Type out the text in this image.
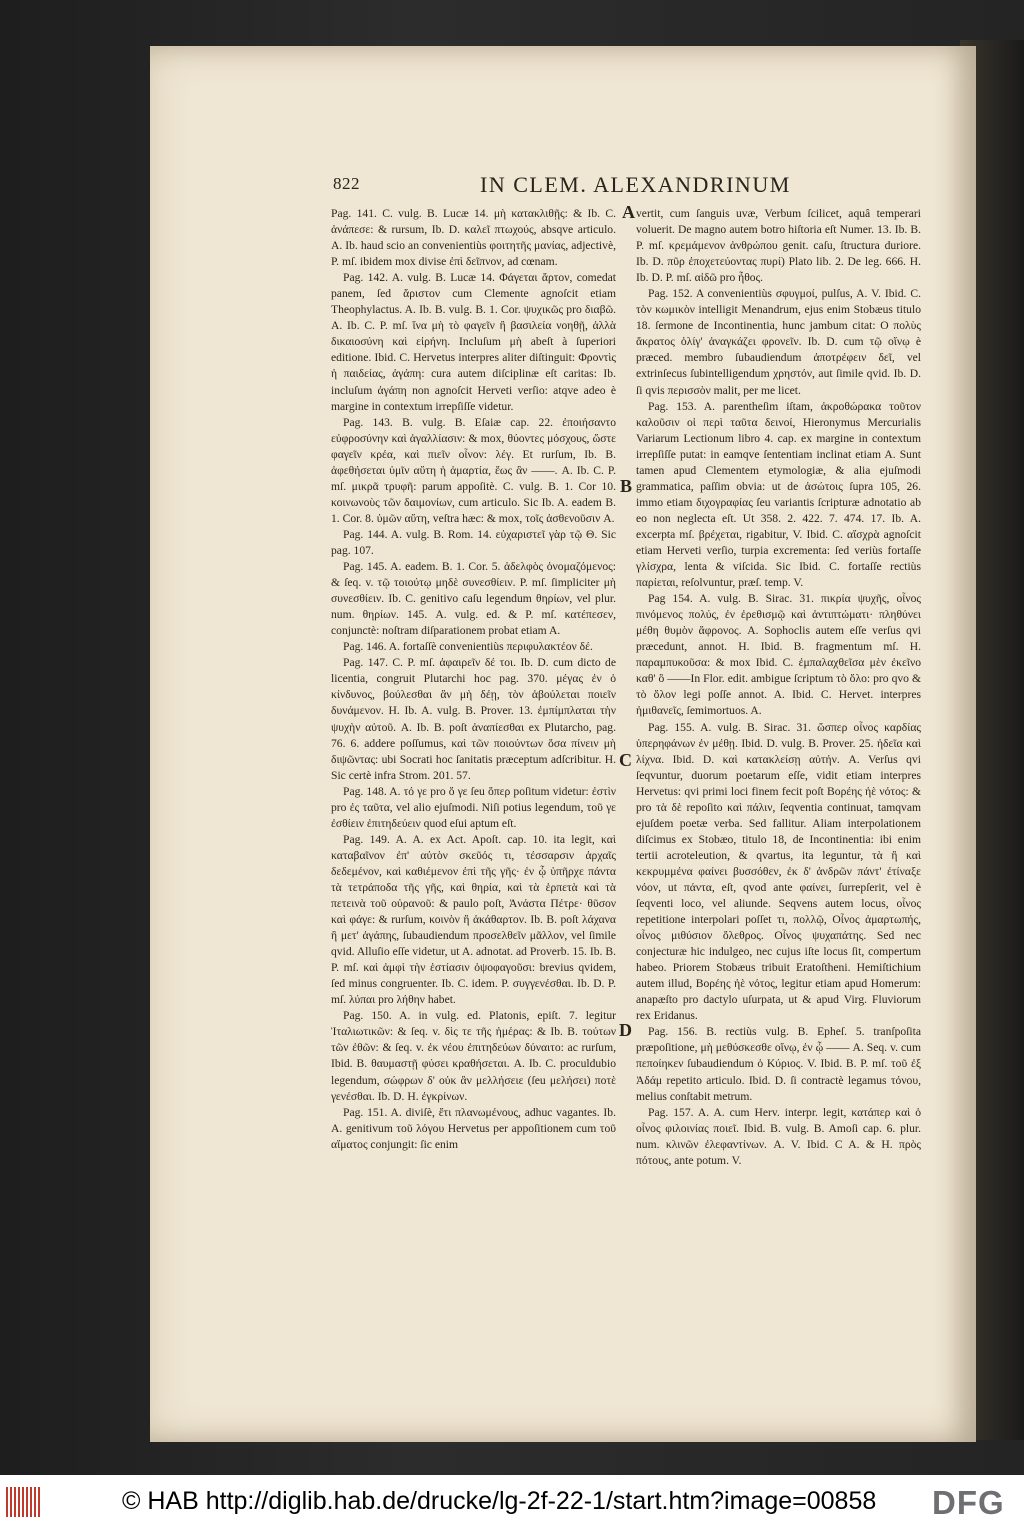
822	IN CLEM. ALEXANDRINUM

Pag. 141. C. vulg. B. Lucæ 14. μὴ κατακλιθῇς: & Ib. C. ἀνάπεσε: & rursum, Ib. D. καλεῖ πτωχούς, absqve articulo. A. Ib. haud scio an convenientiùs φοιτητῆς μανίας, adjectivè, P. mſ. ibidem mox divise ἐπὶ δεῖπνον, ad cœnam.

Pag. 142. A. vulg. B. Lucæ 14. Φάγεται ἄρτον, comedat panem, ſed ἄριστον cum Clemente agnoſcit etiam Theophylactus. A. Ib. B. vulg. B. 1. Cor. ψυχικῶς pro διαβῶ. A. Ib. C. P. mſ. ἵνα μὴ τὸ φαγεῖν ἢ βασιλεία νοηθῇ, ἀλλὰ δικαιοσύνη καὶ εἰρήνη. Incluſum μὴ abeſt à ſuperiori editione. Ibid. C. Hervetus interpres aliter diſtinguit: Φροντὶς ἡ παιδείας, ἀγάπη: cura autem diſciplinæ eſt caritas: Ib. incluſum ἀγάπη non agnoſcit Herveti verſio: atqve adeo è margine in contextum irrepſiſſe videtur.

Pag. 143. B. vulg. B. Eſaiæ cap. 22. ἐποιήσαντο εὐφροσύνην καὶ ἀγαλλίασιν: & mox, θύοντες μόσχους, ὥστε φαγεῖν κρέα, καὶ πιεῖν οἶνον: λέγ. Et rurſum, Ib. B. ἀφεθήσεται ὑμῖν αὕτη ἡ ἁμαρτία, ἕως ἂν ——. A. Ib. C. P. mſ. μικρᾶ τρυφῆ: parum appoſitè. C. vulg. B. 1. Cor 10. κοινωνοὺς τῶν δαιμονίων, cum articulo. Sic Ib. A. eadem B. 1. Cor. 8. ὑμῶν αὕτη, veſtra hæc: & mox, τοῖς ἀσθενοῦσιν A.

Pag. 144. A. vulg. B. Rom. 14. εὐχαριστεῖ γὰρ τῷ Θ. Sic pag. 107.

Pag. 145. A. eadem. B. 1. Cor. 5. ἀδελφὸς ὀνομαζόμενος: & ſeq. v. τῷ τοιούτῳ μηδὲ συνεσθίειν. P. mſ. ſimpliciter μὴ συνεσθίειν. Ib. C. genitivo caſu legendum θηρίων, vel plur. num. θηρίων. 145. A. vulg. ed. & P. mſ. κατέπεσεν, conjunctè: noſtram diſparationem probat etiam A.

Pag. 146. A. fortaſſè convenientiùs περιφυλακτέον δέ.

Pag. 147. C. P. mſ. ἀφαιρεῖν δέ τοι. Ib. D. cum dicto de licentia, congruit Plutarchi hoc pag. 370. μέγας ἐν ὀ κίνδυνος, βούλεσθαι ἂν μὴ δέῃ, τὸν ἀβούλεται ποιεῖν δυνάμενον. H. Ib. A. vulg. B. Prover. 13. ἐμπίμπλαται τὴν ψυχὴν αὐτοῦ. A. Ib. B. poſt ἀναπίεσθαι ex Plutarcho, pag. 76. 6. addere poſſumus, καὶ τῶν ποιούντων ὅσα πίνειν μὴ διψῶντας: ubi Socrati hoc ſanitatis præceptum adſcribitur. H. Sic certè infra Strom. 201. 57.

Pag. 148. A. τό γε pro ὅ γε ſeu ὅπερ poſitum videtur: ἐστὶν pro ἐς ταῦτα, vel alio ejuſmodi. Niſi potius legendum, τοῦ γε ἐσθίειν ἐπιτηδεύειν quod eſui aptum eſt.

Pag. 149. A. A. ex Act. Apoſt. cap. 10. ita legit, καὶ καταβαῖνον ἐπ' αὐτὸν σκεῦός τι, τέσσαρσιν ἀρχαῖς δεδεμένον, καὶ καθιέμενον ἐπὶ τῆς γῆς· ἐν ᾧ ὑπῆρχε πάντα τὰ τετράποδα τῆς γῆς, καὶ θηρία, καὶ τὰ ἑρπετὰ καὶ τὰ πετεινὰ τοῦ οὐρανοῦ: & paulo poſt, Ἀνάστα Πέτρε· θῦσον καὶ φάγε: & rurſum, κοινὸν ἢ ἀκάθαρτον. Ib. B. poſt λάχανα ἢ μετ' ἀγάπης, ſubaudiendum προσελθεῖν μᾶλλον, vel ſimile qvid. Alluſio eſſe videtur, ut A. adnotat. ad Proverb. 15. Ib. B. P. mſ. καὶ ἀμφὶ τὴν ἑστίασιν ὀψοφαγοῦσι: brevius qvidem, ſed minus congruenter. Ib. C. idem. P. συγγενέσθαι. Ib. D. P. mſ. λύπαι pro λήθην habet.

Pag. 150. A. in vulg. ed. Platonis, epiſt. 7. legitur Ἰταλιωτικῶν: & ſeq. v. δὶς τε τῆς ἡμέρας: & Ib. B. τούτων τῶν ἐθῶν: & ſeq. v. ἐκ νέου ἐπιτηδεύων δύναιτο: ac rurſum, Ibid. B. θαυμαστῇ φύσει κραθήσεται. A. Ib. C. proculdubio legendum, σώφρων δ' οὐκ ἂν μελλήσειε (ſeu μελήσει) ποτὲ γενέσθαι. Ib. D. H. ἐγκρίνων.

Pag. 151. A. diviſè, ἔτι πλανωμένους, adhuc vagantes. Ib. A. genitivum τοῦ λόγου Hervetus per appoſitionem cum τοῦ αἵματος conjungit: ſic enim

vertit, cum ſanguis uvæ, Verbum ſcilicet, aquâ temperari voluerit. De magno autem botro hiſtoria eſt Numer. 13. Ib. B. P. mſ. κρεμάμενον ἀνθρώπου genit. caſu, ſtructura duriore. Ib. D. πῦρ ἐποχετεύοντας πυρί) Plato lib. 2. De leg. 666. H. Ib. D. P. mſ. αἰδῶ pro ἦθος.

Pag. 152. A convenientiùs σφυγμοί, pulſus, A. V. Ibid. C. τὸν κωμικὸν intelligit Menandrum, ejus enim Stobæus titulo 18. ſermone de Incontinentia, hunc jambum citat: Ο πολὺς ἄκρατος ὀλίγ' ἀναγκάζει φρονεῖν. Ib. D. cum τῷ οἴνῳ è præced. membro ſubaudiendum ἀποτρέφειν δεῖ, vel extrinſecus ſubintelligendum χρηστόν, aut ſimile qvid. Ib. D. ſi qvis περισσὸν malit, per me licet.

Pag. 153. A. parentheſim iſtam, ἀκροθώρακα τοῦτον καλοῦσιν οἱ περὶ ταῦτα δεινοί, Hieronymus Mercurialis Variarum Lectionum libro 4. cap. ex margine in contextum irrepſiſſe putat: in eamqve ſententiam inclinat etiam A. Sunt tamen apud Clementem etymologiæ, & alia ejuſmodi grammatica, paſſim obvia: ut de ἀσώτοις ſupra 105, 26. immo etiam διχογραφίας ſeu variantis ſcripturæ adnotatio ab eo non neglecta eſt. Ut 358. 2. 422. 7. 474. 17. Ib. A. excerpta mſ. βρέχεται, rigabitur, V. Ibid. C. αἴσχρὰ agnoſcit etiam Herveti verſio, turpia excrementa: ſed veriùs fortaſſe γλίσχρα, lenta & viſcida. Sic Ibid. C. fortaſſe rectiùs παρίεται, reſolvuntur, præſ. temp. V.

Pag 154. A. vulg. B. Sirac. 31. πικρία ψυχῆς, οἶνος πινόμενος πολύς, ἐν ἐρεθισμῷ καὶ ἀντιπτώματι· πληθύνει μέθη θυμὸν ἄφρονος. A. Sophoclis autem eſſe verſus qvi præcedunt, annot. H. Ibid. B. fragmentum mſ. H. παραμπυκοῦσα: & mox Ibid. C. ἐμπαλαχθεῖσα μὲν ἐκεῖνο καθ' ὃ ——In Flor. edit. ambigue ſcriptum τὸ ὅλο: pro qvo & τὸ ὅλον legi poſſe annot. A. Ibid. C. Hervet. interpres ἡμιθανεῖς, ſemimortuos. A.

Pag. 155. A. vulg. B. Sirac. 31. ὥσπερ οἶνος καρδίας ὑπερηφάνων ἐν μέθῃ. Ibid. D. vulg. B. Prover. 25. ἡδεῖα καὶ λίχνα. Ibid. D. καὶ κατακλείσῃ αὐτήν. A. Verſus qvi ſeqvuntur, duorum poetarum eſſe, vidit etiam interpres Hervetus: qvi primi loci finem fecit poſt Βορέης ἠὲ νότος: & pro τὰ δὲ repoſito καὶ πάλιν, ſeqventia continuat, tamqvam ejuſdem poetæ verba. Sed fallitur. Aliam interpolationem diſcimus ex Stobæo, titulo 18, de Incontinentia: ibi enim tertii acroteleution, & qvartus, ita leguntur, τὰ ἢ καὶ κεκρυμμένα φαίνει βυσσόθεν, ἐκ δ' ἀνδρῶν πάντ' ἐτίναξε νόον, ut πάντα, eſt, qvod ante φαίνει, ſurrepſerit, vel è ſeqventi loco, vel aliunde. Seqvens autem locus, οἶνος repetitione interpolari poſſet τι, πολλῷ, Οἶνος ἁμαρτωπής, οἶνος μιθύσιον ὄλεθρος. Οἶνος ψυχαπάτης. Sed nec conjecturæ hic indulgeo, nec cujus iſte locus ſit, compertum habeo. Priorem Stobæus tribuit Eratoſtheni. Hemiſtichium autem illud, Βορέης ἠὲ νότος, legitur etiam apud Homerum: anapæſto pro dactylo uſurpata, ut & apud Virg. Fluviorum rex Eridanus.

Pag. 156. B. rectiùs vulg. B. Epheſ. 5. tranſpoſita præpoſitione, μὴ μεθύσκεσθε οἴνῳ, ἐν ᾧ —— A. Seq. v. cum πεποίηκεν ſubaudiendum ὁ Κύριος. V. Ibid. B. P. mſ. τοῦ ἐξ Ἀδάμ repetito articulo. Ibid. D. ſi contractè legamus τόνου, melius conſtabit metrum.

Pag. 157. A. A. cum Herv. interpr. legit, κατάπερ καὶ ὁ οἶνος φιλοινίας ποιεῖ. Ibid. B. vulg. B. Amoſi cap. 6. plur. num. κλινῶν ἐλεφαντίνων. A. V. Ibid. C A. & H. πρὸς πότους, ante potum. V.

A
B
C
D
© HAB http://diglib.hab.de/drucke/lg-2f-22-1/start.htm?image=00858 DFG
